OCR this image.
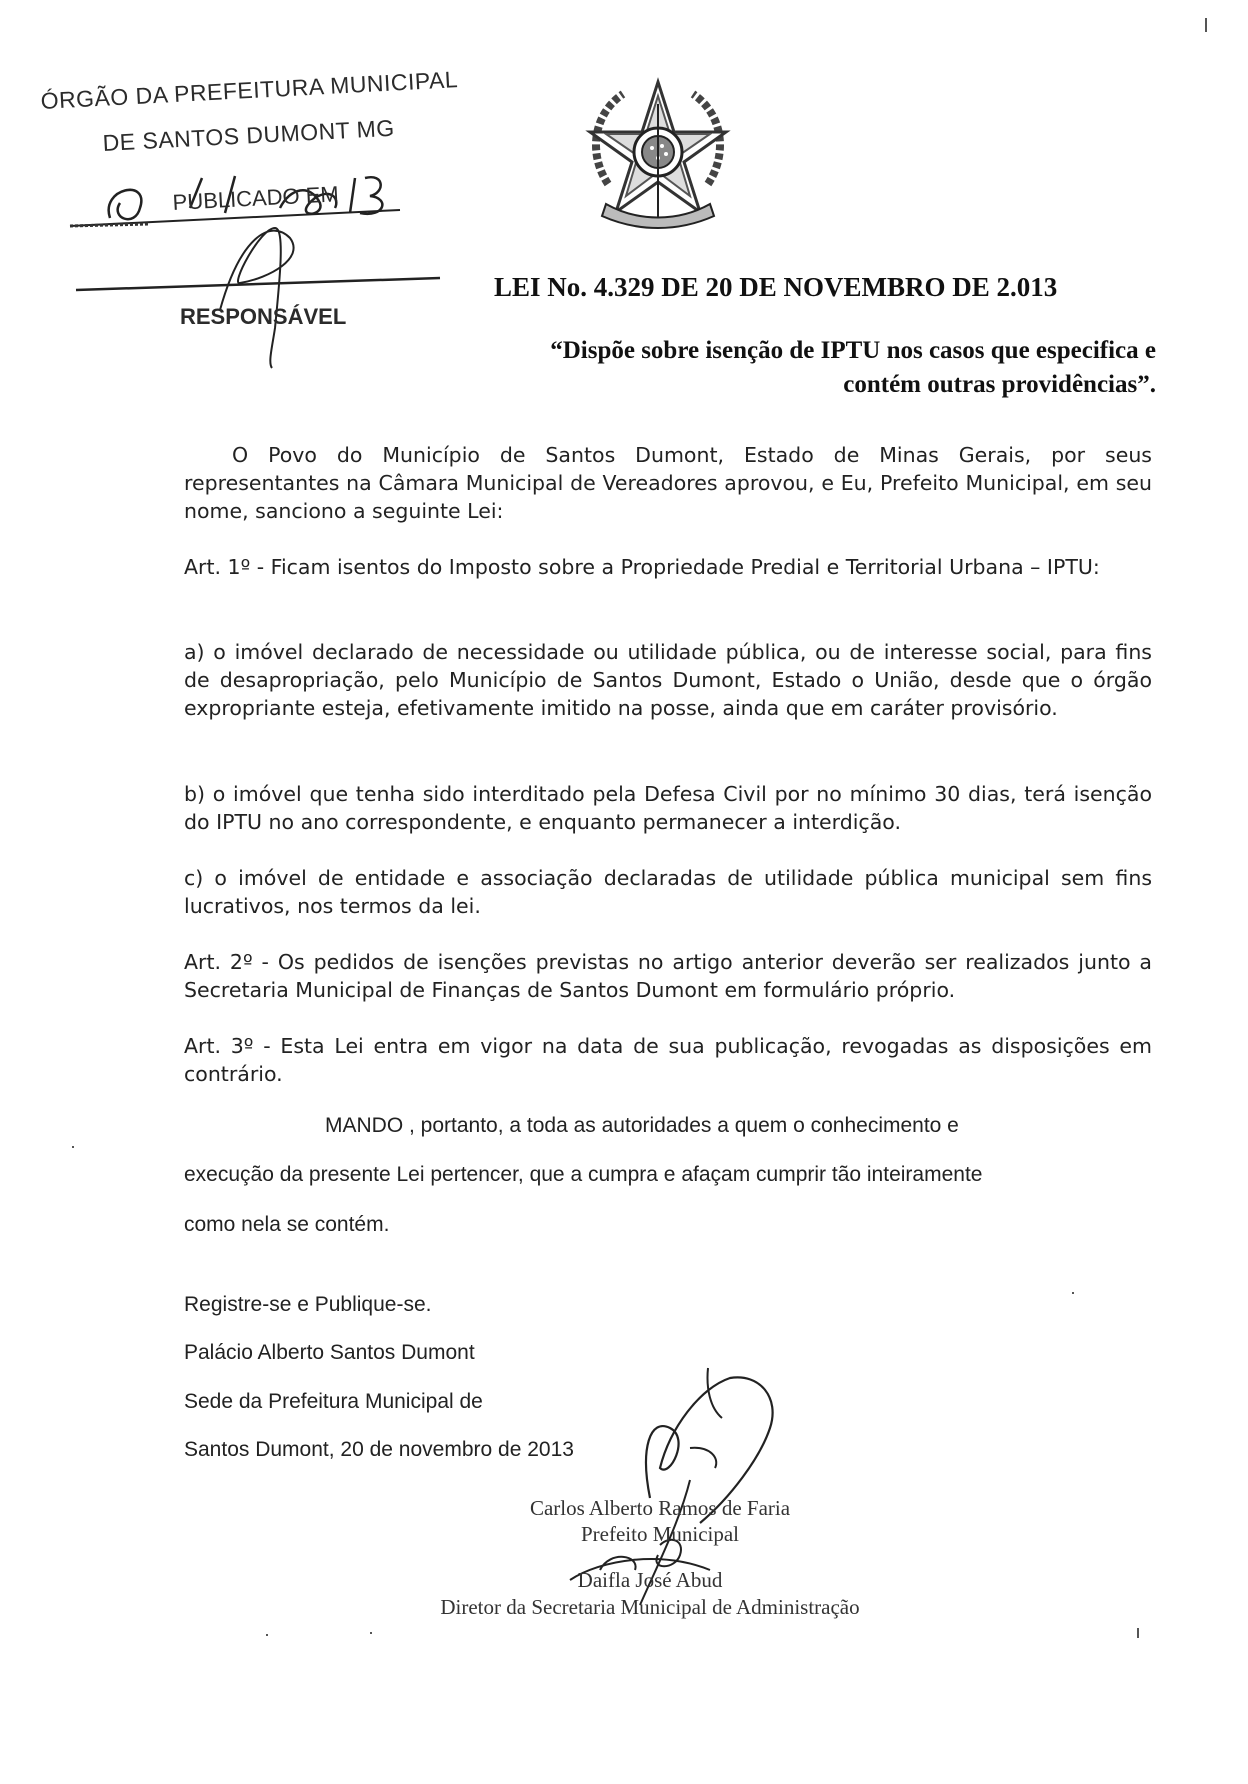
ÓRGÃO DA PREFEITURA MUNICIPAL
DE SANTOS DUMONT MG
PUBLICADO EM
RESPONSÁVEL
LEI No. 4.329 DE 20 DE NOVEMBRO DE 2.013
“Dispõe sobre isenção de IPTU nos casos que especifica e
contém outras providências”.
O Povo do Município de Santos Dumont, Estado de Minas Gerais, por seus representantes na Câmara Municipal de Vereadores aprovou, e Eu, Prefeito Municipal, em seu nome, sanciono a seguinte Lei:
Art. 1º - Ficam isentos do Imposto sobre a Propriedade Predial e Territorial Urbana – IPTU:
a) o imóvel declarado de necessidade ou utilidade pública, ou de interesse social, para fins de desapropriação, pelo Município de Santos Dumont, Estado o União, desde que o órgão expropriante esteja, efetivamente imitido na posse, ainda que em caráter provisório.
b) o imóvel que tenha sido interditado pela Defesa Civil por no mínimo 30 dias, terá isenção do IPTU no ano correspondente, e enquanto permanecer a interdição.
c) o imóvel de entidade e associação declaradas de utilidade pública municipal sem fins lucrativos, nos termos da lei.
Art. 2º - Os pedidos de isenções previstas no artigo anterior deverão ser realizados junto a Secretaria Municipal de Finanças de Santos Dumont em formulário próprio.
Art. 3º - Esta Lei entra em vigor na data de sua publicação, revogadas as disposições em contrário.
MANDO , portanto, a toda as autoridades a quem o conhecimento e
execução da presente Lei pertencer, que a cumpra e afaçam cumprir tão inteiramente
como nela se contém.
Registre-se e Publique-se.
Palácio Alberto Santos Dumont
Sede da Prefeitura Municipal de
Santos Dumont, 20 de novembro de 2013
Carlos Alberto Ramos de Faria
Prefeito Municipal
Daifla José Abud
Diretor da Secretaria Municipal de Administração
